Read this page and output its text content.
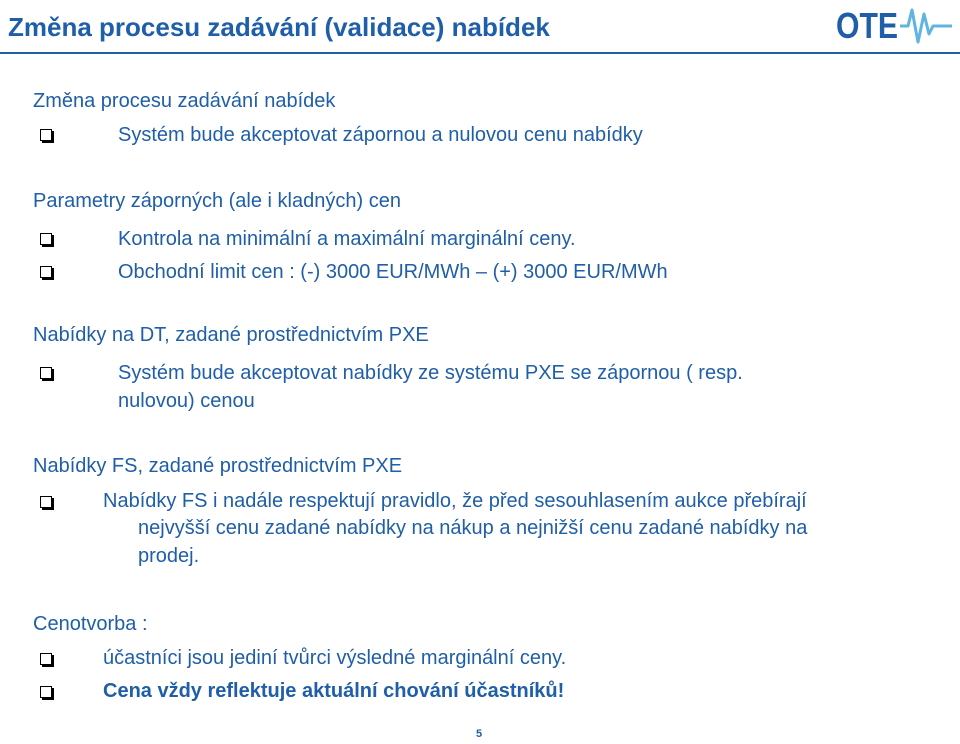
Změna procesu zadávání (validace) nabídek	OTE
Změna procesu zadávání nabídek
Systém bude akceptovat zápornou a nulovou cenu nabídky
Parametry záporných (ale i kladných) cen
Kontrola na minimální a maximální marginální ceny.
Obchodní limit cen : (-) 3000 EUR/MWh – (+) 3000 EUR/MWh
Nabídky na DT, zadané prostřednictvím PXE
Systém bude akceptovat nabídky ze systému PXE se zápornou ( resp.
nulovou) cenou
Nabídky FS, zadané prostřednictvím PXE
Nabídky FS i nadále respektují pravidlo, že před sesouhlasením aukce přebírají
nejvyšší cenu zadané nabídky na nákup a nejnižší cenu zadané nabídky na
prodej.
Cenotvorba :
účastníci jsou jediní tvůrci výsledné marginální ceny.
Cena vždy reflektuje aktuální chování účastníků!
5
